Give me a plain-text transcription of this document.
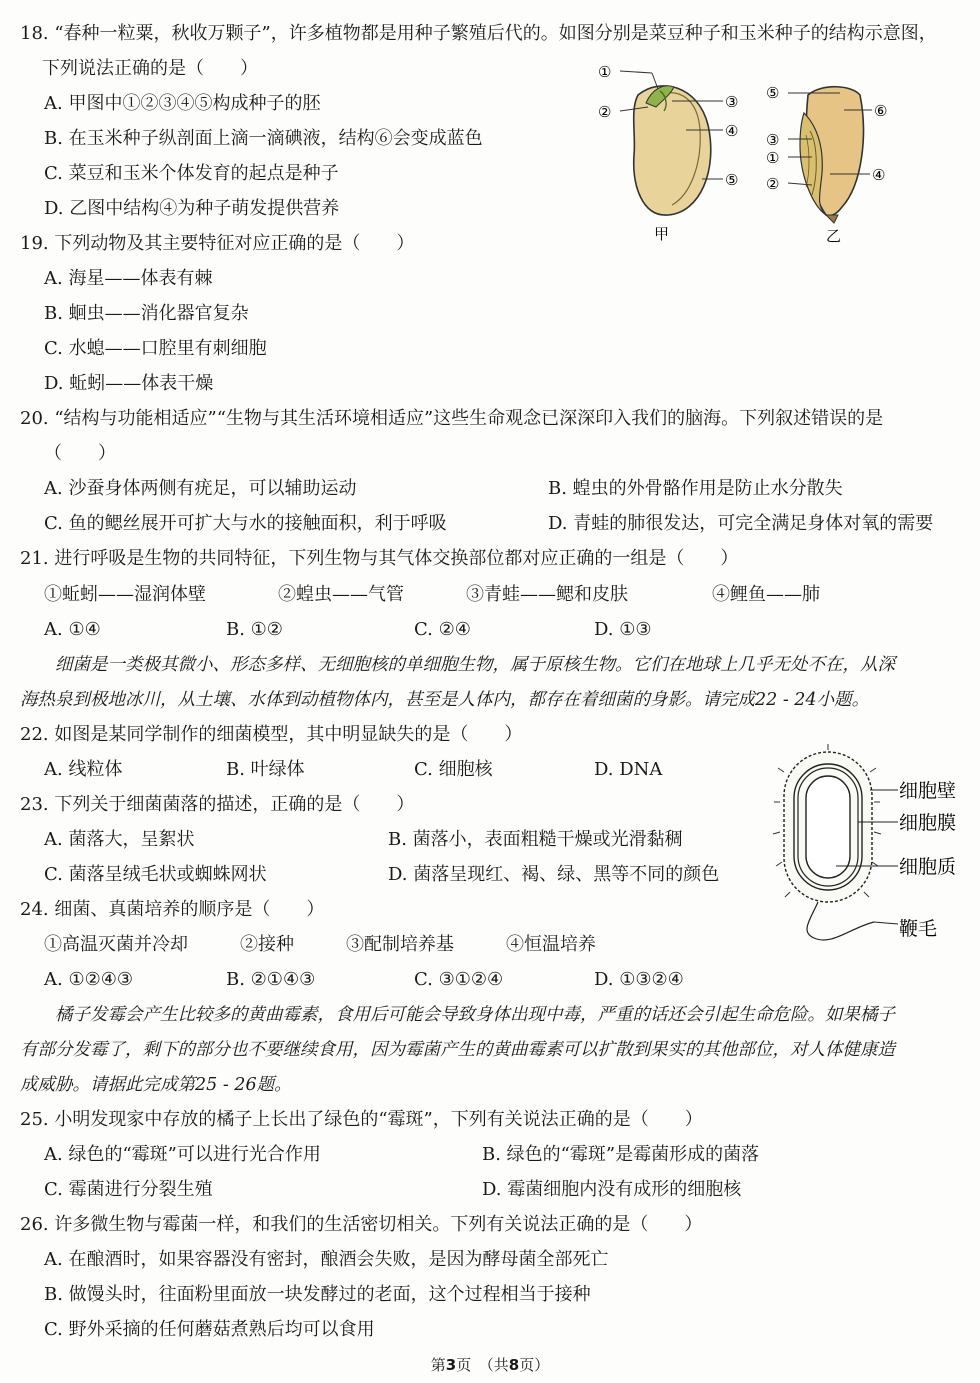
18. “春种一粒粟，秋收万颗子”，许多植物都是用种子繁殖后代的。如图分别是菜豆种子和玉米种子的结构示意图，
下列说法正确的是（　　）
A. 甲图中①②③④⑤构成种子的胚
B. 在玉米种子纵剖面上滴一滴碘液，结构⑥会变成蓝色
C. 菜豆和玉米个体发育的起点是种子
D. 乙图中结构④为种子萌发提供营养
①
②
③
④
⑤
甲
⑤
⑥
③
①
④
②
乙
19. 下列动物及其主要特征对应正确的是（　　）
A. 海星——体表有棘
B. 蛔虫——消化器官复杂
C. 水螅——口腔里有刺细胞
D. 蚯蚓——体表干燥
20. “结构与功能相适应”“生物与其生活环境相适应”这些生命观念已深深印入我们的脑海。下列叙述错误的是
（　　）
A. 沙蚕身体两侧有疣足，可以辅助运动	B. 蝗虫的外骨骼作用是防止水分散失
C. 鱼的鳃丝展开可扩大与水的接触面积，利于呼吸	D. 青蛙的肺很发达，可完全满足身体对氧的需要
21. 进行呼吸是生物的共同特征，下列生物与其气体交换部位都对应正确的一组是（　　）
①蚯蚓——湿润体壁	②蝗虫——气管	③青蛙——鳃和皮肤	④鲤鱼——肺
A. ①④	B. ①②	C. ②④	D. ①③
　　细菌是一类极其微小、形态多样、无细胞核的单细胞生物，属于原核生物。它们在地球上几乎无处不在，从深
海热泉到极地冰川，从土壤、水体到动植物体内，甚至是人体内，都存在着细菌的身影。请完成22 - 24小题。
22. 如图是某同学制作的细菌模型，其中明显缺失的是（　　）
A. 线粒体	B. 叶绿体	C. 细胞核	D. DNA
细胞壁
细胞膜
细胞质
鞭毛
23. 下列关于细菌菌落的描述，正确的是（　　）
A. 菌落大，呈絮状	B. 菌落小，表面粗糙干燥或光滑黏稠
C. 菌落呈绒毛状或蜘蛛网状	D. 菌落呈现红、褐、绿、黑等不同的颜色
24. 细菌、真菌培养的顺序是（　　）
①高温灭菌并冷却	②接种	③配制培养基	④恒温培养
A. ①②④③	B. ②①④③	C. ③①②④	D. ①③②④
　　橘子发霉会产生比较多的黄曲霉素，食用后可能会导致身体出现中毒，严重的话还会引起生命危险。如果橘子
有部分发霉了，剩下的部分也不要继续食用，因为霉菌产生的黄曲霉素可以扩散到果实的其他部位，对人体健康造
成威胁。请据此完成第25 - 26题。
25. 小明发现家中存放的橘子上长出了绿色的“霉斑”，下列有关说法正确的是（　　）
A. 绿色的“霉斑”可以进行光合作用	B. 绿色的“霉斑”是霉菌形成的菌落
C. 霉菌进行分裂生殖	D. 霉菌细胞内没有成形的细胞核
26. 许多微生物与霉菌一样，和我们的生活密切相关。下列有关说法正确的是（　　）
A. 在酿酒时，如果容器没有密封，酿酒会失败，是因为酵母菌全部死亡
B. 做馒头时，往面粉里面放一块发酵过的老面，这个过程相当于接种
C. 野外采摘的任何蘑菇煮熟后均可以食用
第3页　（共8页）
